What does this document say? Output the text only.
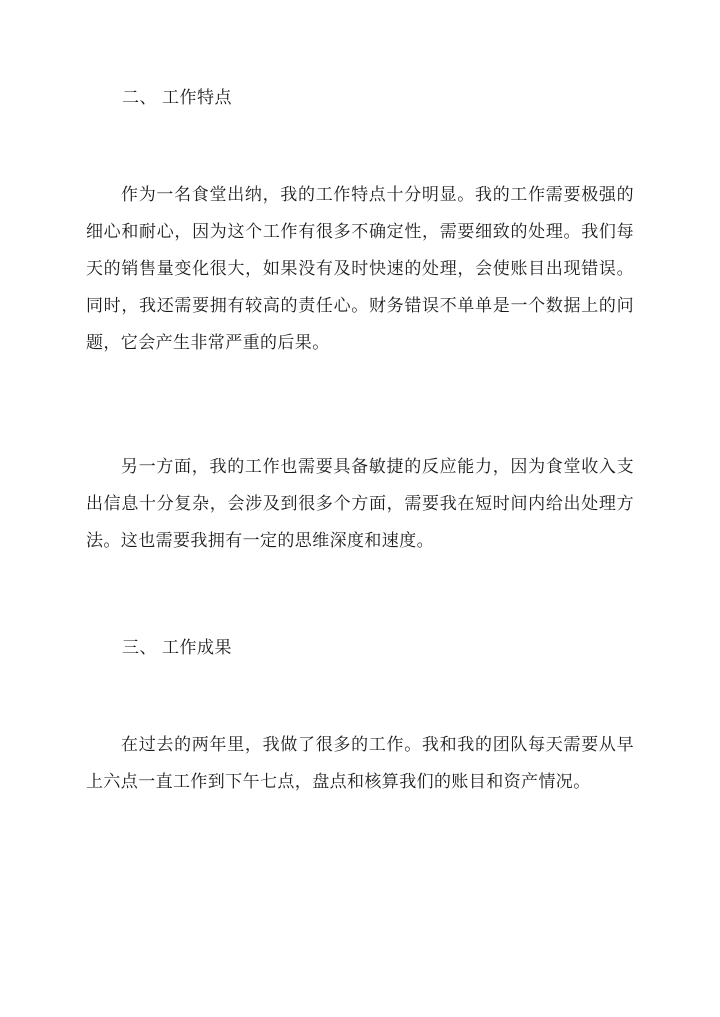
二、 工作特点
作为一名食堂出纳，我的工作特点十分明显。我的工作需要极强的细心和耐心，因为这个工作有很多不确定性，需要细致的处理。我们每天的销售量变化很大，如果没有及时快速的处理，会使账目出现错误。同时，我还需要拥有较高的责任心。财务错误不单单是一个数据上的问题，它会产生非常严重的后果。
另一方面，我的工作也需要具备敏捷的反应能力，因为食堂收入支出信息十分复杂，会涉及到很多个方面，需要我在短时间内给出处理方法。这也需要我拥有一定的思维深度和速度。
三、 工作成果
在过去的两年里，我做了很多的工作。我和我的团队每天需要从早上六点一直工作到下午七点，盘点和核算我们的账目和资产情况。
